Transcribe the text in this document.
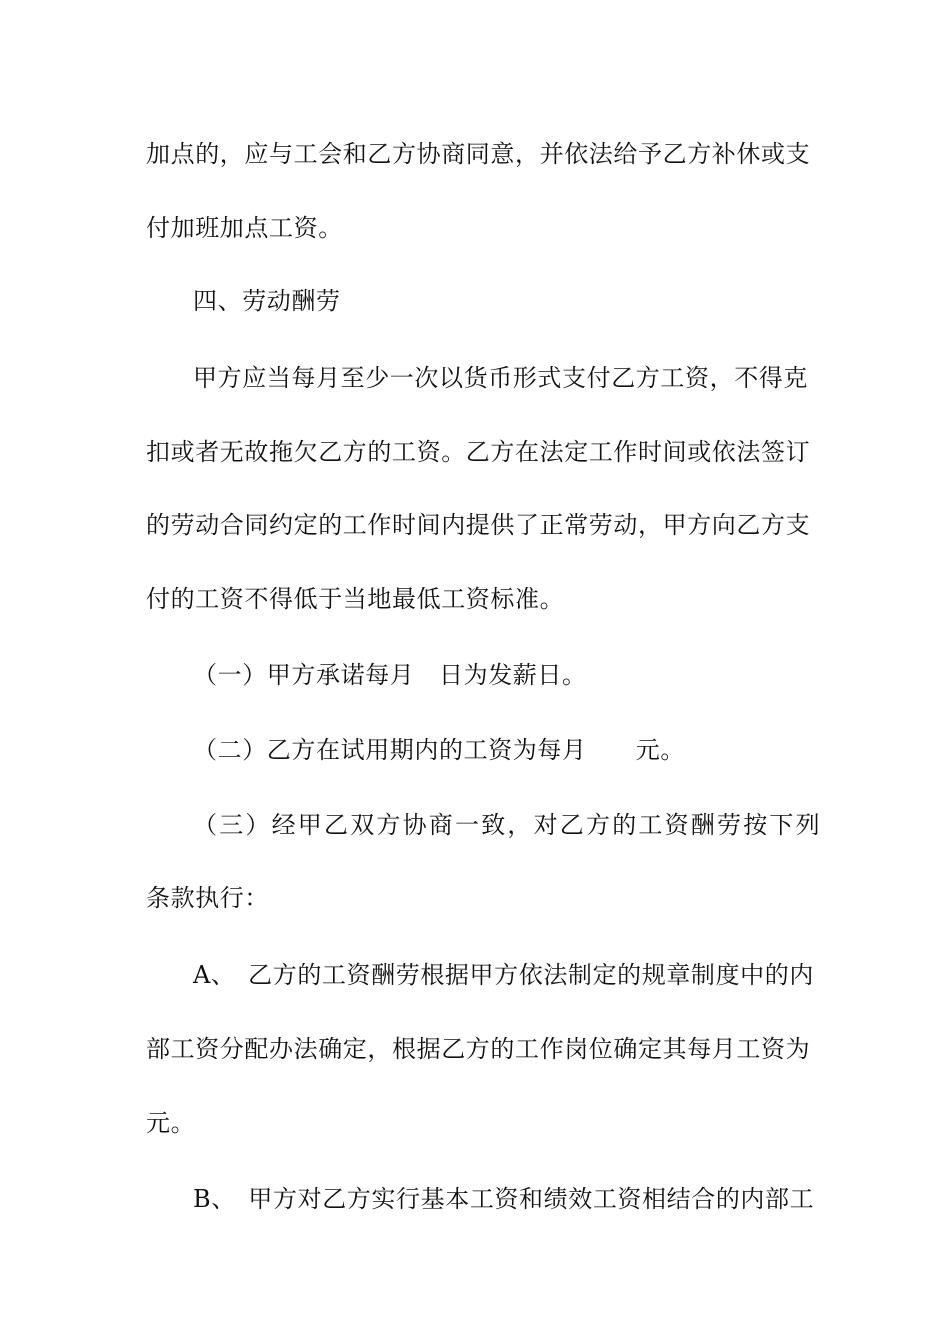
加点的，应与工会和乙方协商同意，并依法给予乙方补休或支
付加班加点工资。
四、劳动酬劳
甲方应当每月至少一次以货币形式支付乙方工资，不得克
扣或者无故拖欠乙方的工资。乙方在法定工作时间或依法签订
的劳动合同约定的工作时间内提供了正常劳动，甲方向乙方支
付的工资不得低于当地最低工资标准。
（一）甲方承诺每月　日为发薪日。
（二）乙方在试用期内的工资为每月　　元。
（三）经甲乙双方协商一致，对乙方的工资酬劳按下列
条款执行：
A、　乙方的工资酬劳根据甲方依法制定的规章制度中的内
部工资分配办法确定，根据乙方的工作岗位确定其每月工资为
元。
B、　甲方对乙方实行基本工资和绩效工资相结合的内部工
